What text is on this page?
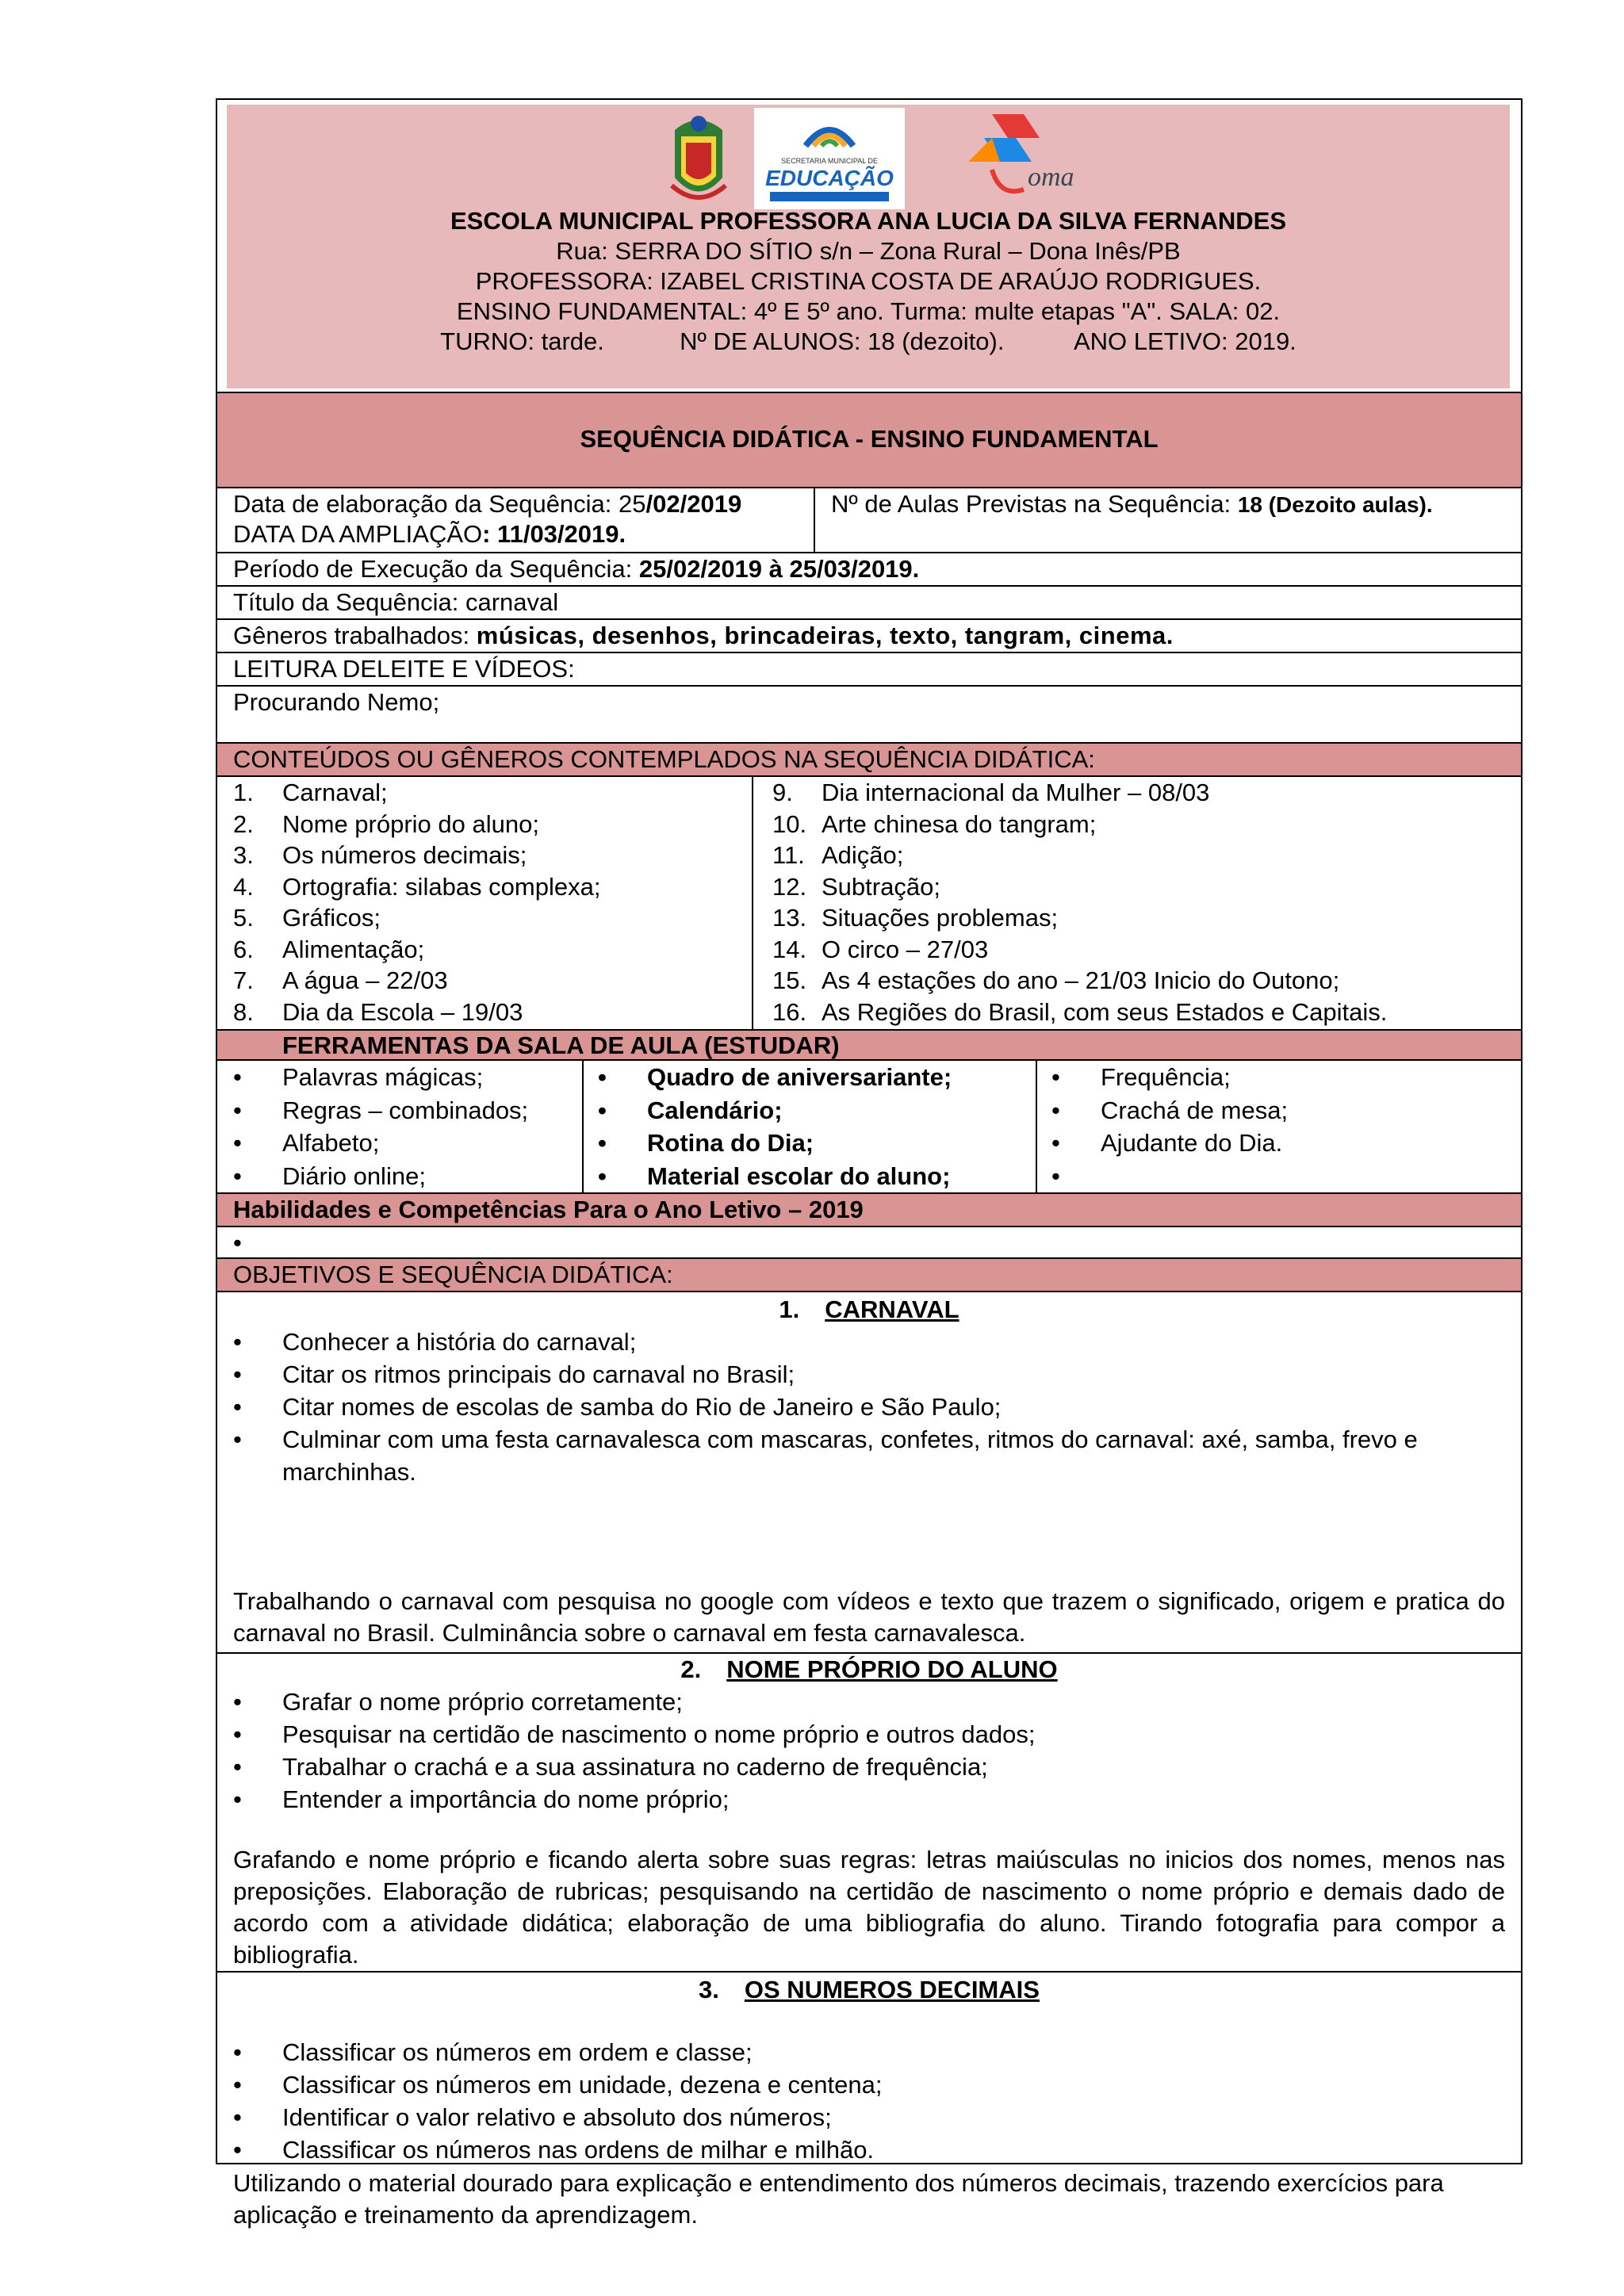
SECRETARIA MUNICIPAL DE
EDUCAÇÃO	oma
ESCOLA MUNICIPAL PROFESSORA ANA LUCIA DA SILVA FERNANDES
Rua: SERRA DO SÍTIO s/n – Zona Rural – Dona Inês/PB
PROFESSORA: IZABEL CRISTINA COSTA DE ARAÚJO RODRIGUES.
ENSINO FUNDAMENTAL: 4º E 5º ano. Turma: multe etapas "A". SALA: 02.
TURNO: tarde.	Nº DE ALUNOS: 18 (dezoito).	ANO LETIVO: 2019.
SEQUÊNCIA DIDÁTICA - ENSINO FUNDAMENTAL
Data de elaboração da Sequência: 25/02/2019
DATA DA AMPLIAÇÃO: 11/03/2019.
Nº de Aulas Previstas na Sequência: 18 (Dezoito aulas).
Período de Execução da Sequência: 25/02/2019 à 25/03/2019.
Título da Sequência: carnaval
Gêneros trabalhados: músicas, desenhos, brincadeiras, texto, tangram, cinema.
LEITURA DELEITE E VÍDEOS:
Procurando Nemo;
CONTEÚDOS OU GÊNEROS CONTEMPLADOS NA SEQUÊNCIA DIDÁTICA:
1. Carnaval;
2. Nome próprio do aluno;
3. Os números decimais;
4. Ortografia: silabas complexa;
5. Gráficos;
6. Alimentação;
7. A água – 22/03
8. Dia da Escola – 19/03
9. Dia internacional da Mulher – 08/03
10. Arte chinesa do tangram;
11. Adição;
12. Subtração;
13. Situações problemas;
14. O circo – 27/03
15. As 4 estações do ano – 21/03 Inicio do Outono;
16. As Regiões do Brasil, com seus Estados e Capitais.
FERRAMENTAS DA SALA DE AULA (ESTUDAR)
• Palavras mágicas;
• Regras – combinados;
• Alfabeto;
• Diário online;
• Quadro de aniversariante;
• Calendário;
• Rotina do Dia;
• Material escolar do aluno;
• Frequência;
• Crachá de mesa;
• Ajudante do Dia.
•
Habilidades e Competências Para o Ano Letivo – 2019
•
OBJETIVOS E SEQUÊNCIA DIDÁTICA:
1. CARNAVAL
• Conhecer a história do carnaval;
• Citar os ritmos principais do carnaval no Brasil;
• Citar nomes de escolas de samba do Rio de Janeiro e São Paulo;
• Culminar com uma festa carnavalesca com mascaras, confetes, ritmos do carnaval: axé, samba, frevo e marchinhas.
Trabalhando o carnaval com pesquisa no google com vídeos e texto que trazem o significado, origem e pratica do carnaval no Brasil. Culminância sobre o carnaval em festa carnavalesca.
2. NOME PRÓPRIO DO ALUNO
• Grafar o nome próprio corretamente;
• Pesquisar na certidão de nascimento o nome próprio e outros dados;
• Trabalhar o crachá e a sua assinatura no caderno de frequência;
• Entender a importância do nome próprio;
Grafando e nome próprio e ficando alerta sobre suas regras: letras maiúsculas no inicios dos nomes, menos nas preposições. Elaboração de rubricas; pesquisando na certidão de nascimento o nome próprio e demais dado de acordo com a atividade didática; elaboração de uma bibliografia do aluno. Tirando fotografia para compor a bibliografia.
3. OS NUMEROS DECIMAIS
• Classificar os números em ordem e classe;
• Classificar os números em unidade, dezena e centena;
• Identificar o valor relativo e absoluto dos números;
• Classificar os números nas ordens de milhar e milhão.
Utilizando o material dourado para explicação e entendimento dos números decimais, trazendo exercícios para aplicação e treinamento da aprendizagem.
